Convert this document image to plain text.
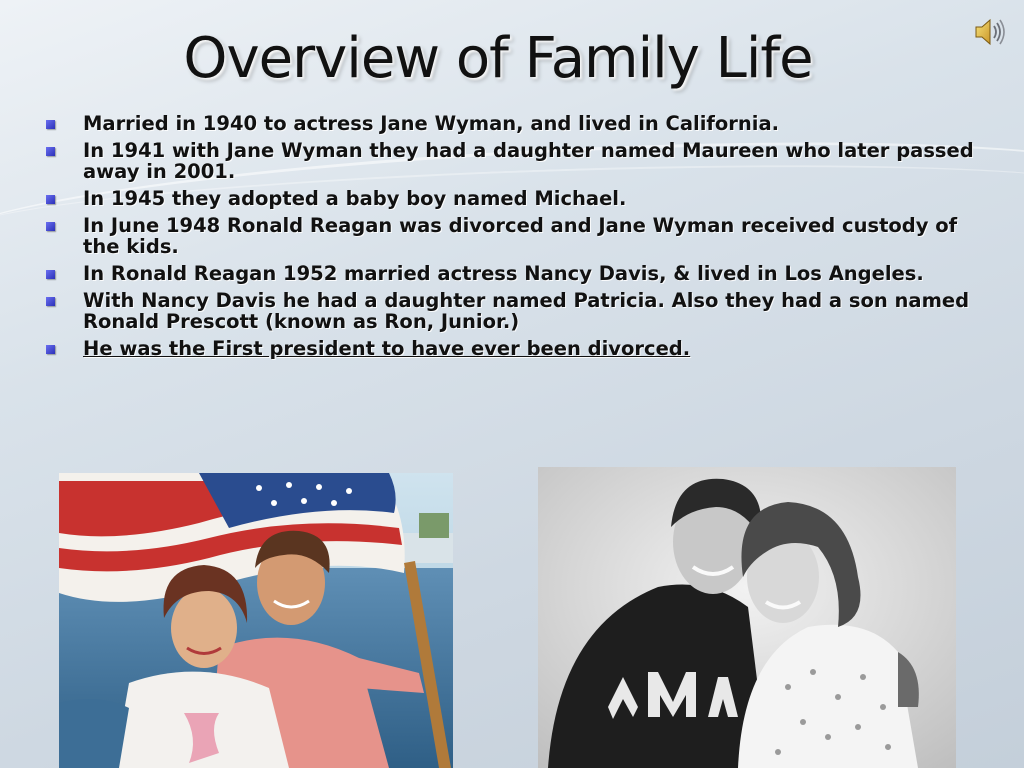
Overview of Family Life
Married in 1940 to actress Jane Wyman, and lived in California.
In 1941 with Jane Wyman they had a daughter named Maureen who later passed away in 2001.
In 1945 they adopted a baby boy named Michael.
In June 1948 Ronald Reagan was divorced and Jane Wyman received custody of the kids.
In Ronald Reagan 1952 married actress Nancy Davis, & lived in Los Angeles.
With Nancy Davis he had a daughter named Patricia. Also they had a son named Ronald Prescott (known as Ron, Junior.)
He was the First president to have ever been divorced.
